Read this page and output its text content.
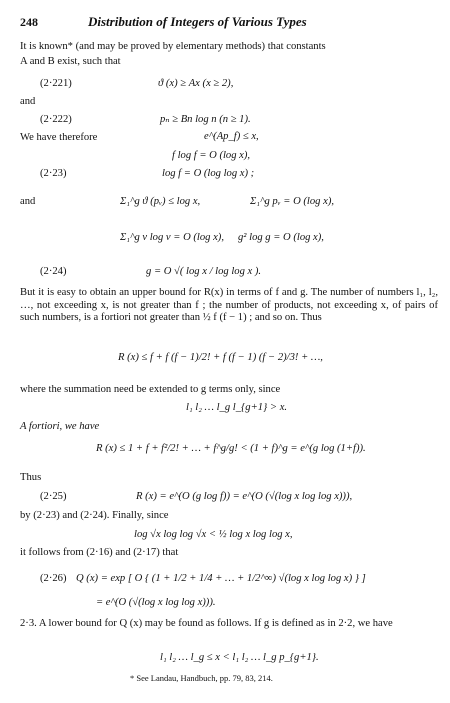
248	Distribution of Integers of Various Types
It is known* (and may be proved by elementary methods) that constants
A and B exist, such that
(2·221)	ϑ (x) ≥ Ax (x ≥ 2),
and
(2·222)	pₙ ≥ Bn log n (n ≥ 1).
We have therefore	e^(Ap_f) ≤ x,
f log f = O (log x),
(2·23)	log f = O (log log x) ;
and	Σ₁^g ϑ (pᵥ) ≤ log x,	Σ₁^g pᵥ = O (log x),
Σ₁^g ν log ν = O (log x), g² log g = O (log x),
(2·24)	g = O √( log x / log log x ).
But it is easy to obtain an upper bound for R(x) in terms of f and g. The number of numbers l₁, l₂, …, not exceeding x, is not greater than f ; the number of products, not exceeding x, of pairs of such numbers, is a fortiori not greater than ½ f (f − 1) ; and so on. Thus
R (x) ≤ f + f (f − 1)/2! + f (f − 1) (f − 2)/3! + …,
where the summation need be extended to g terms only, since
l₁ l₂ … l_g l_{g+1} > x.
A fortiori, we have
R (x) ≤ 1 + f + f²/2! + … + f^g/g! < (1 + f)^g = e^(g log (1+f)).
Thus
(2·25)	R (x) = e^(O (g log f)) = e^(O (√(log x log log x))),
by (2·23) and (2·24). Finally, since
log √x log log √x < ½ log x log log x,
it follows from (2·16) and (2·17) that
(2·26) Q (x) = exp [ O { (1 + 1/2 + 1/4 + … + 1/2^∞) √(log x log log x) } ]
= e^(O (√(log x log log x))).
2·3. A lower bound for Q (x) may be found as follows. If g is defined as in 2·2, we have
l₁ l₂ … l_g ≤ x < l₁ l₂ … l_g p_{g+1}.
* See Landau, Handbuch, pp. 79, 83, 214.
